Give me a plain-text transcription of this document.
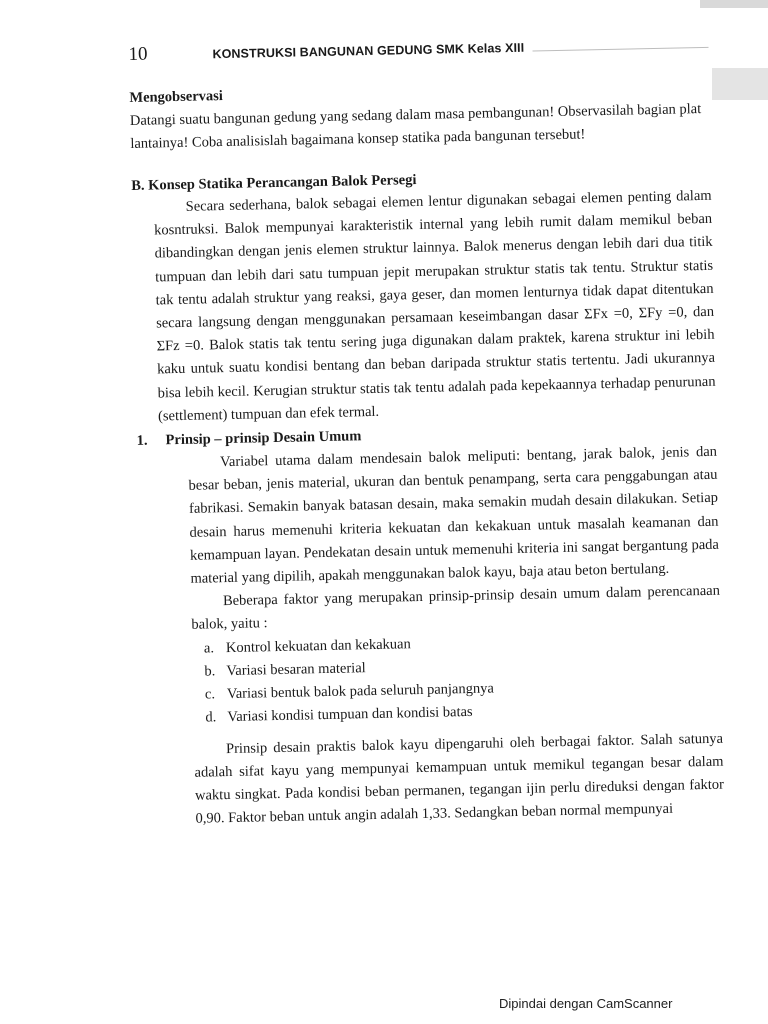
10	KONSTRUKSI BANGUNAN GEDUNG SMK Kelas XIII
Mengobservasi

Datangi suatu bangunan gedung yang sedang dalam masa pembangunan! Observasilah bagian plat lantainya! Coba analisislah bagaimana konsep statika pada bangunan tersebut!

B. Konsep Statika Perancangan Balok Persegi

Secara sederhana, balok sebagai elemen lentur digunakan sebagai elemen penting dalam kosntruksi. Balok mempunyai karakteristik internal yang lebih rumit dalam memikul beban dibandingkan dengan jenis elemen struktur lainnya. Balok menerus dengan lebih dari dua titik tumpuan dan lebih dari satu tumpuan jepit merupakan struktur statis tak tentu. Struktur statis tak tentu adalah struktur yang reaksi, gaya geser, dan momen lenturnya tidak dapat ditentukan secara langsung dengan menggunakan persamaan keseimbangan dasar ΣFx =0, ΣFy =0, dan ΣFz =0. Balok statis tak tentu sering juga digunakan dalam praktek, karena struktur ini lebih kaku untuk suatu kondisi bentang dan beban daripada struktur statis tertentu. Jadi ukurannya bisa lebih kecil. Kerugian struktur statis tak tentu adalah pada kepekaannya terhadap penurunan (settlement) tumpuan dan efek termal.

1.	Prinsip – prinsip Desain Umum

Variabel utama dalam mendesain balok meliputi: bentang, jarak balok, jenis dan besar beban, jenis material, ukuran dan bentuk penampang, serta cara penggabungan atau fabrikasi. Semakin banyak batasan desain, maka semakin mudah desain dilakukan. Setiap desain harus memenuhi kriteria kekuatan dan kekakuan untuk masalah keamanan dan kemampuan layan. Pendekatan desain untuk memenuhi kriteria ini sangat bergantung pada material yang dipilih, apakah menggunakan balok kayu, baja atau beton bertulang.

Beberapa faktor yang merupakan prinsip-prinsip desain umum dalam perencanaan balok, yaitu :

a. Kontrol kekuatan dan kekakuan
b. Variasi besaran material
c. Variasi bentuk balok pada seluruh panjangnya
d. Variasi kondisi tumpuan dan kondisi batas

Prinsip desain praktis balok kayu dipengaruhi oleh berbagai faktor. Salah satunya adalah sifat kayu yang mempunyai kemampuan untuk memikul tegangan besar dalam waktu singkat. Pada kondisi beban permanen, tegangan ijin perlu direduksi dengan faktor 0,90. Faktor beban untuk angin adalah 1,33. Sedangkan beban normal mempunyai

Dipindai dengan CamScanner
